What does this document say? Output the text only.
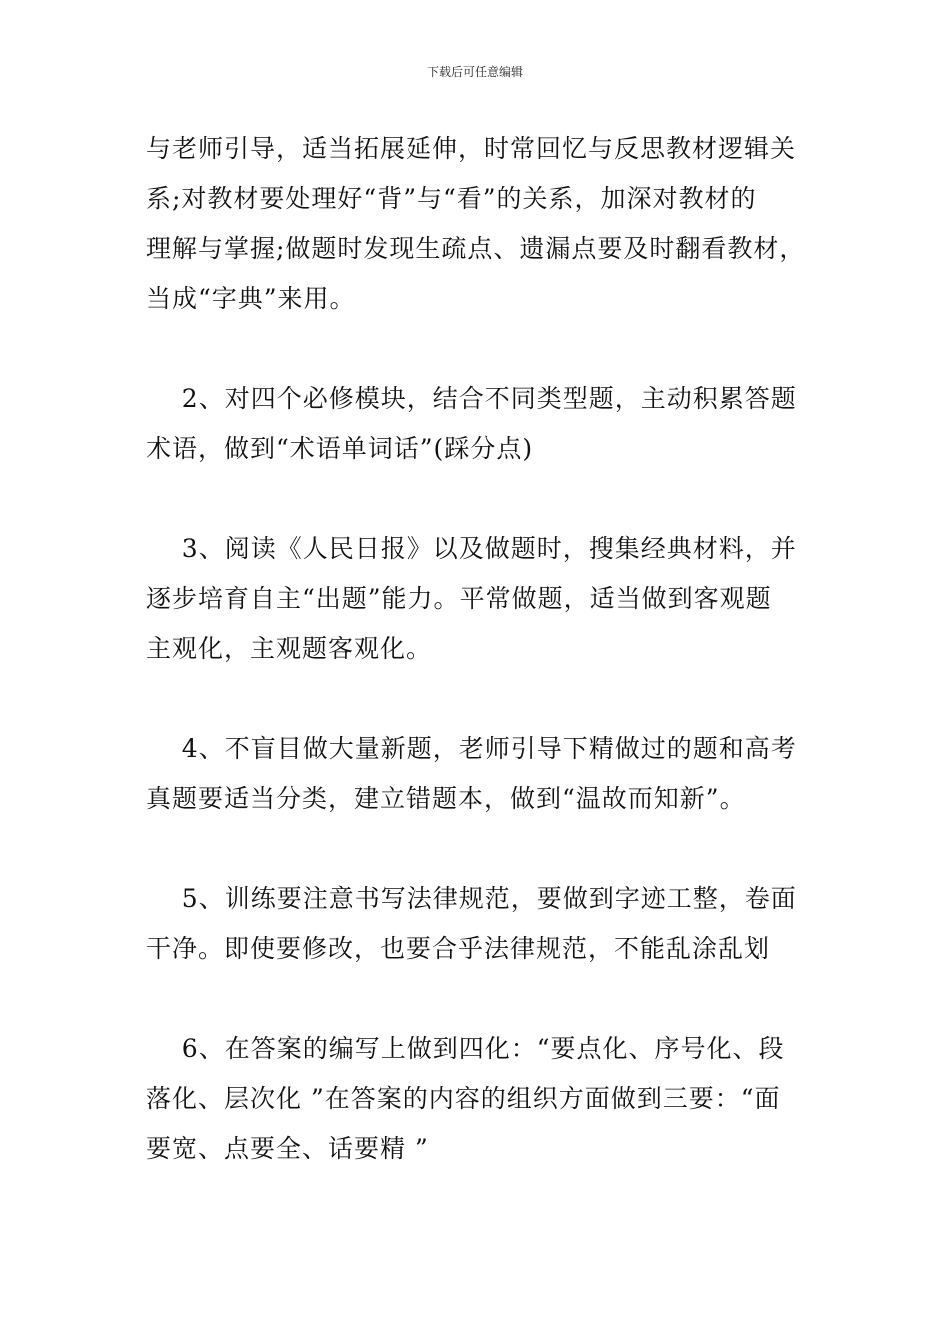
下载后可任意编辑
与老师引导，适当拓展延伸，时常回忆与反思教材逻辑关
系;对教材要处理好“背”与“看”的关系，加深对教材的
理解与掌握;做题时发现生疏点、遗漏点要及时翻看教材，
当成“字典”来用。
2、对四个必修模块，结合不同类型题，主动积累答题
术语，做到“术语单词话”(踩分点)
3、阅读《人民日报》以及做题时，搜集经典材料，并
逐步培育自主“出题”能力。平常做题，适当做到客观题
主观化，主观题客观化。
4、不盲目做大量新题，老师引导下精做过的题和高考
真题要适当分类，建立错题本，做到“温故而知新”。
5、训练要注意书写法律规范，要做到字迹工整，卷面
干净。即使要修改，也要合乎法律规范，不能乱涂乱划
6、在答案的编写上做到四化：“要点化、序号化、段
落化、层次化 ”在答案的内容的组织方面做到三要：“面
要宽、点要全、话要精 ”
